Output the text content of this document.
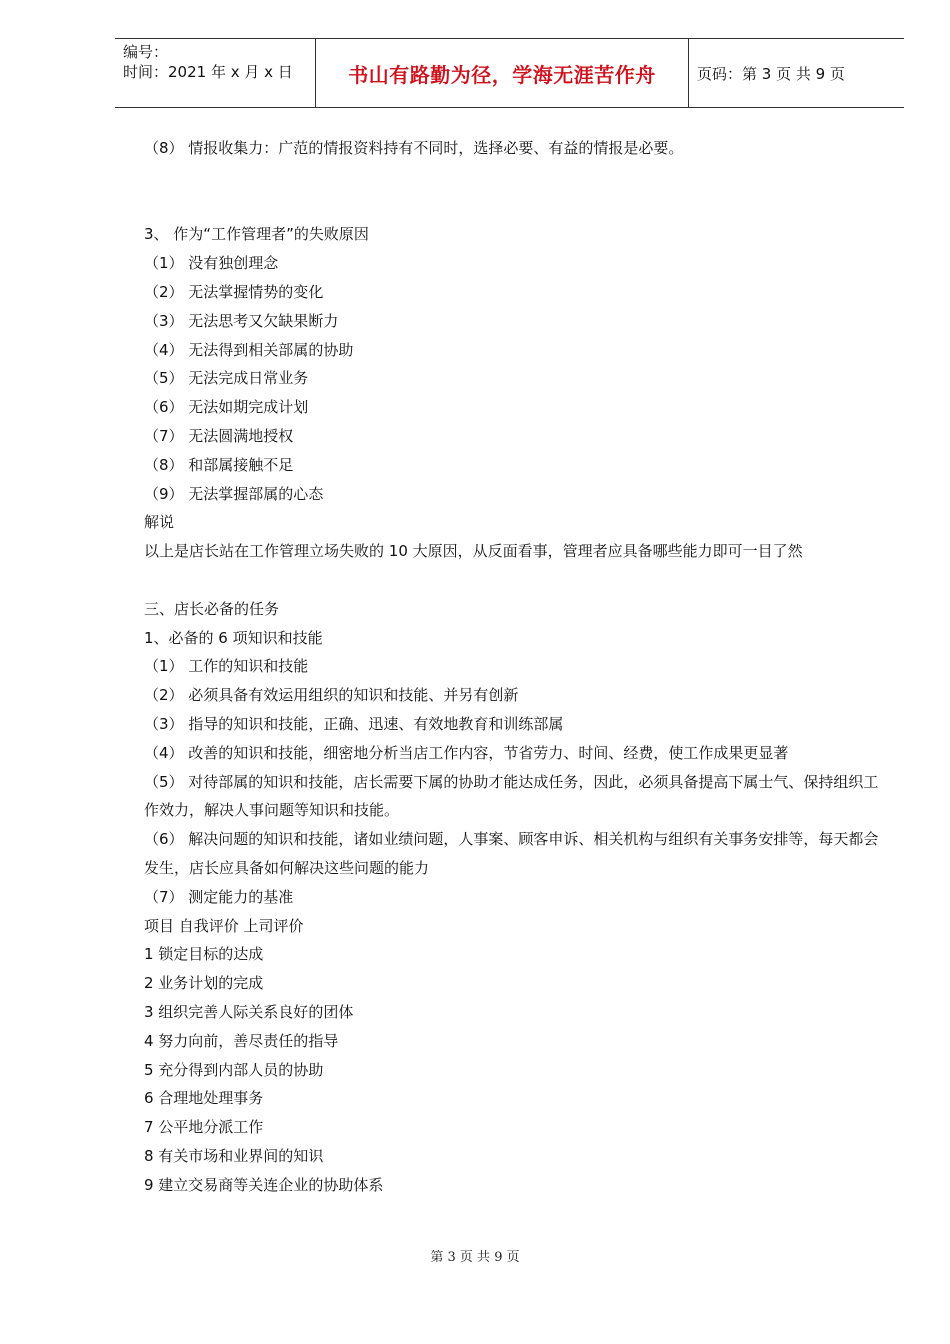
编号：
时间：2021 年 x 月 x 日	书山有路勤为径，学海无涯苦作舟	页码：第 3 页 共 9 页
（8） 情报收集力：广范的情报资料持有不同时，选择必要、有益的情报是必要。
3、 作为“工作管理者”的失败原因
（1） 没有独创理念
（2） 无法掌握情势的变化
（3） 无法思考又欠缺果断力
（4） 无法得到相关部属的协助
（5） 无法完成日常业务
（6） 无法如期完成计划
（7） 无法圆满地授权
（8） 和部属接触不足
（9） 无法掌握部属的心态
解说
以上是店长站在工作管理立场失败的 10 大原因，从反面看事，管理者应具备哪些能力即可一目了然
三、店长必备的任务
1、必备的 6 项知识和技能
（1） 工作的知识和技能
（2） 必须具备有效运用组织的知识和技能、并另有创新
（3） 指导的知识和技能，正确、迅速、有效地教育和训练部属
（4） 改善的知识和技能，细密地分析当店工作内容，节省劳力、时间、经费，使工作成果更显著
（5） 对待部属的知识和技能，店长需要下属的协助才能达成任务，因此，必须具备提高下属士气、保持组织工作效力，解决人事问题等知识和技能。
（6） 解决问题的知识和技能，诸如业绩问题，人事案、顾客申诉、相关机构与组织有关事务安排等，每天都会发生，店长应具备如何解决这些问题的能力
（7） 测定能力的基准
项目 自我评价 上司评价
1 锁定目标的达成
2 业务计划的完成
3 组织完善人际关系良好的团体
4 努力向前，善尽责任的指导
5 充分得到内部人员的协助
6 合理地处理事务
7 公平地分派工作
8 有关市场和业界间的知识
9 建立交易商等关连企业的协助体系
第 3 页 共 9 页
